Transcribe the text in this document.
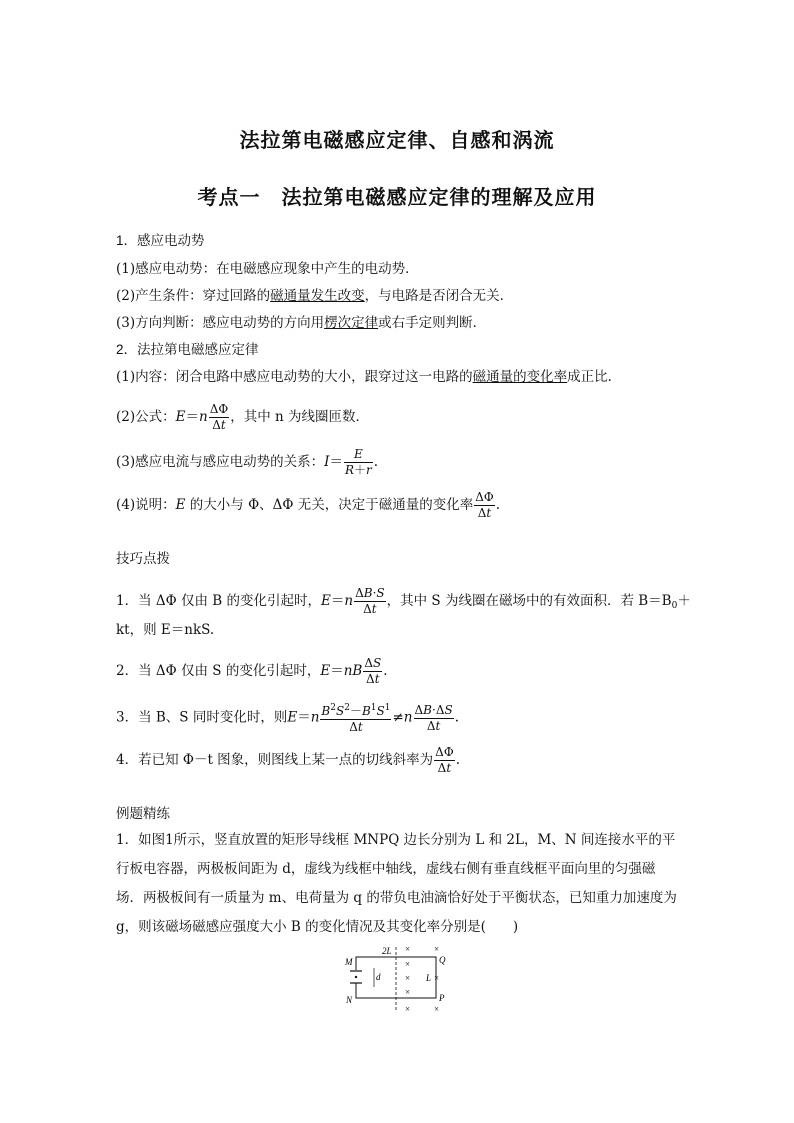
法拉第电磁感应定律、自感和涡流
考点一　法拉第电磁感应定律的理解及应用
1．感应电动势
(1)感应电动势：在电磁感应现象中产生的电动势．
(2)产生条件：穿过回路的磁通量发生改变，与电路是否闭合无关．
(3)方向判断：感应电动势的方向用楞次定律或右手定则判断．
2．法拉第电磁感应定律
(1)内容：闭合电路中感应电动势的大小，跟穿过这一电路的磁通量的变化率成正比．
(2)公式：$E=n \frac{\Delta\Phi}{\Delta t}$ ，其中 n 为线圈匝数．
(3)感应电流与感应电动势的关系：$I= \frac{E}{R+r}$ .
(4)说明：E 的大小与 Φ、ΔΦ 无关，决定于磁通量的变化率 $\frac{\Delta\Phi}{\Delta t}$ .
技巧点拨
1．当 ΔΦ 仅由 B 的变化引起时，$E=n \frac{\Delta B\cdot S}{\Delta t}$ ，其中 S 为线圈在磁场中的有效面积．若 $B=B_0+$
kt，则 E＝nkS.
2．当 ΔΦ 仅由 S 的变化引起时，$E=nB \frac{\Delta S}{\Delta t}$ .
3．当 B、S 同时变化时，则$E=n \frac{B^2S^2-B^1S^1}{\Delta t} \ne n \frac{\Delta B\cdot\Delta S}{\Delta t}$ .
4．若已知 Φ－t 图象，则图线上某一点的切线斜率为 $\frac{\Delta\Phi}{\Delta t}$ .
例题精练
1．如图1所示，竖直放置的矩形导线框 MNPQ 边长分别为 L 和 2L，M、N 间连接水平的平行板电容器，两极板间距为 d，虚线为线框中轴线，虚线右侧有垂直线框平面向里的匀强磁场．两极板间有一质量为 m、电荷量为 q 的带负电油滴恰好处于平衡状态，已知重力加速度为 g，则该磁场磁感应强度大小 B 的变化情况及其变化率分别是(　　)
d
M
N
Q
P
2L
L
×	×
×
×	×
×
×	×
